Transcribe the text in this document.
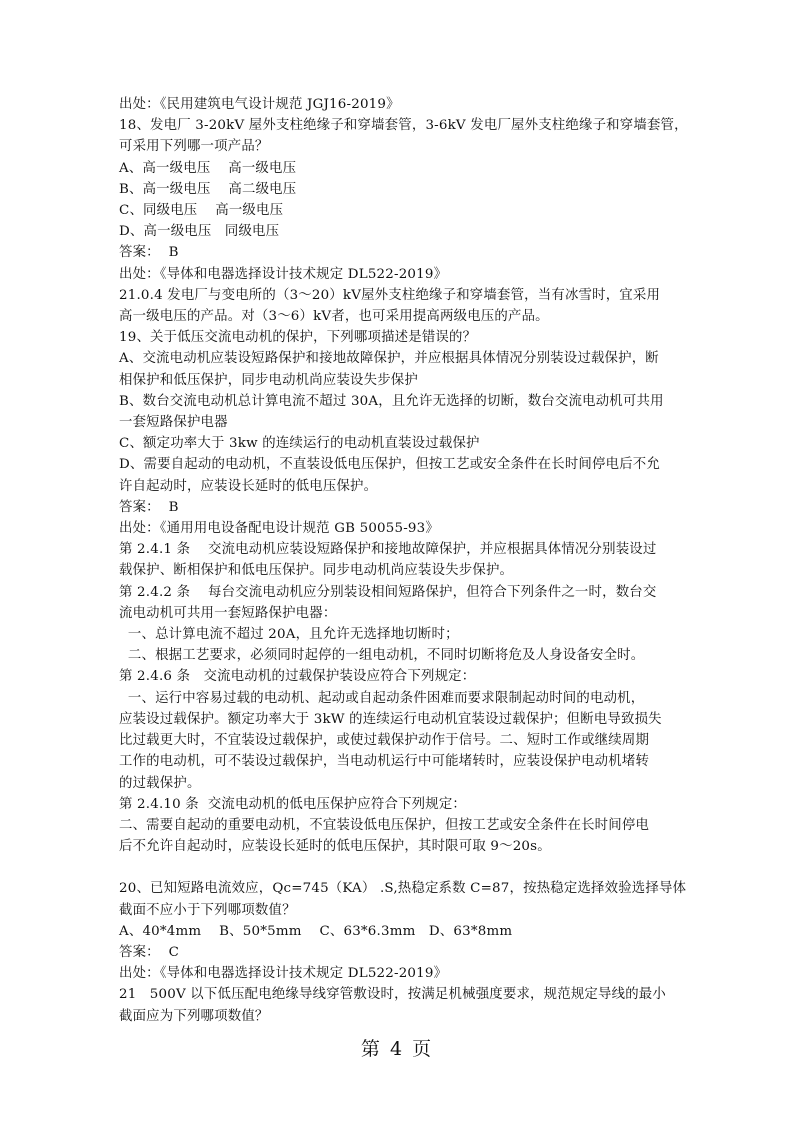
出处：《民用建筑电气设计规范 JGJ16-2019》
18、发电厂 3-20kV 屋外支柱绝缘子和穿墙套管，3-6kV 发电厂屋外支柱绝缘子和穿墙套管，
可采用下列哪一项产品？
A、高一级电压    高一级电压
B、高一级电压    高二级电压
C、同级电压    高一级电压
D、高一级电压   同级电压
答案：  B
出处：《导体和电器选择设计技术规定 DL522-2019》
21.0.4 发电厂与变电所的（3～20）kV屋外支柱绝缘子和穿墙套管，当有冰雪时，宜采用
高一级电压的产品。对（3～6）kV者，也可采用提高两级电压的产品。
19、关于低压交流电动机的保护，下列哪项描述是错误的？
A、交流电动机应装设短路保护和接地故障保护，并应根据具体情况分别装设过载保护，断
相保护和低压保护，同步电动机尚应装设失步保护
B、数台交流电动机总计算电流不超过 30A，且允许无选择的切断，数台交流电动机可共用
一套短路保护电器
C、额定功率大于 3kw 的连续运行的电动机直装设过载保护
D、需要自起动的电动机，不直装设低电压保护，但按工艺或安全条件在长时间停电后不允
许自起动时，应装设长延时的低电压保护。
答案：  B
出处：《通用用电设备配电设计规范 GB 50055-93》
第 2.4.1 条    交流电动机应装设短路保护和接地故障保护，并应根据具体情况分别装设过
载保护、断相保护和低电压保护。同步电动机尚应装设失步保护。
第 2.4.2 条    每台交流电动机应分别装设相间短路保护，但符合下列条件之一时，数台交
流电动机可共用一套短路保护电器：
一、总计算电流不超过 20A，且允许无选择地切断时；
二、根据工艺要求，必须同时起停的一组电动机，不同时切断将危及人身设备安全时。
第 2.4.6 条   交流电动机的过载保护装设应符合下列规定：
一、运行中容易过载的电动机、起动或自起动条件困难而要求限制起动时间的电动机，
应装设过载保护。额定功率大于 3kW 的连续运行电动机宜装设过载保护；但断电导致损失
比过载更大时，不宜装设过载保护，或使过载保护动作于信号。二、短时工作或继续周期
工作的电动机，可不装设过载保护，当电动机运行中可能堵转时，应装设保护电动机堵转
的过载保护。
第 2.4.10 条  交流电动机的低电压保护应符合下列规定：
二、需要自起动的重要电动机，不宜装设低电压保护，但按工艺或安全条件在长时间停电
后不允许自起动时，应装设长延时的低电压保护，其时限可取 9～20s。
20、已知短路电流效应，Qc=745（KA） .S,热稳定系数 C=87，按热稳定选择效验选择导体
截面不应小于下列哪项数值？
A、40*4mm    B、50*5mm    C、63*6.3mm   D、63*8mm
答案：  C
出处：《导体和电器选择设计技术规定 DL522-2019》
21   500V 以下低压配电绝缘导线穿管敷设时，按满足机械强度要求，规范规定导线的最小
截面应为下列哪项数值？
第 4 页
